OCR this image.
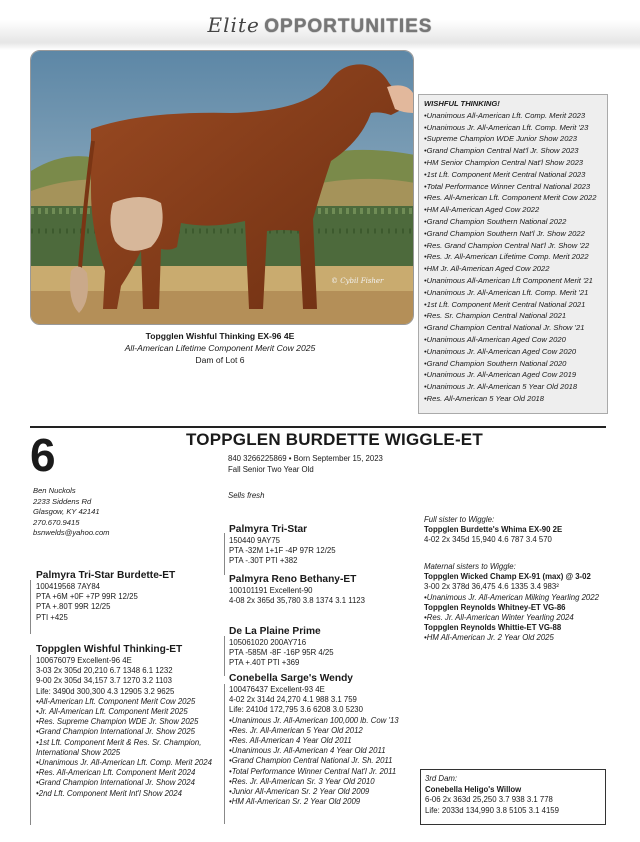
Elite OPPORTUNITIES
© Cybil Fisher
Topgglen Wishful Thinking EX-96 4E
All-American Lifetime Component Merit Cow 2025
Dam of Lot 6
WISHFUL THINKING!
•Unanimous All-American Lft. Comp. Merit 2023
•Unanimous Jr. All-American Lft. Comp. Merit '23
•Supreme Champion WDE Junior Show 2023
•Grand Champion Central Nat'l Jr. Show 2023
•HM Senior Champion Central Nat'l Show 2023
•1st Lft. Component Merit Central National 2023
•Total Performance Winner Central National 2023
•Res. All-American Lft. Component Merit Cow 2022
•HM All-American Aged Cow 2022
•Grand Champion Southern National 2022
•Grand Champion Southern Nat'l Jr. Show 2022
•Res. Grand Champion Central Nat'l Jr. Show '22
•Res. Jr. All-American Lifetime Comp. Merit 2022
•HM Jr. All-American Aged Cow 2022
•Unanimous All-American Lft Component Merit '21
•Unanimous Jr. All-American Lft. Comp. Merit '21
•1st Lft. Component Merit Central National 2021
•Res. Sr. Champion Central National 2021
•Grand Champion Central National Jr. Show '21
•Unanimous All-American Aged Cow 2020
•Unanimous Jr. All-American Aged Cow 2020
•Grand Champion Southern National 2020
•Unanimous Jr. All-American Aged Cow 2019
•Unanimous Jr. All-American 5 Year Old 2018
•Res. All-American 5 Year Old 2018
6	TOPPGLEN BURDETTE WIGGLE-ET
840 3266225869 • Born September 15, 2023
Fall Senior Two Year Old
Sells fresh
Ben Nuckols
2233 Siddens Rd
Glasgow, KY 42141
270.670.9415
bsnwelds@yahoo.com
Palmyra Tri-Star Burdette-ET
100419568 7AY84
PTA +6M +0F +7P 99R 12/25
PTA +.80T 99R 12/25
PTI +425
Toppglen Wishful Thinking-ET
100676079 Excellent-96 4E
3-03 2x 305d 20,210 6.7 1348 6.1 1232
9-00 2x 305d 34,157 3.7 1270 3.2 1103
Life: 3490d 300,300 4.3 12905 3.2 9625
•All-American Lft. Component Merit Cow 2025
•Jr. All-American Lft. Component Merit 2025
•Res. Supreme Champion WDE Jr. Show 2025
•Grand Champion International Jr. Show 2025
•1st Lft. Component Merit & Res. Sr. Champion,
International Show 2025
•Unanimous Jr. All-American Lft. Comp. Merit 2024
•Res. All-American Lft. Component Merit 2024
•Grand Champion International Jr. Show 2024
•2nd Lft. Component Merit Int'l Show 2024
Palmyra Tri-Star
150440 9AY75
PTA -32M 1+1F -4P 97R 12/25
PTA -.30T PTI +382
Palmyra Reno Bethany-ET
100101191 Excellent-90
4-08 2x 365d 35,780 3.8 1374 3.1 1123
De La Plaine Prime
105061020 200AY716
PTA -585M -8F -16P 95R 4/25
PTA +.40T PTI +369
Conebella Sarge's Wendy
100476437 Excellent-93 4E
4-02 2x 314d 24,270 4.1 988 3.1 759
Life: 2410d 172,795 3.6 6208 3.0 5230
•Unanimous Jr. All-American 100,000 lb. Cow '13
•Res. Jr. All-American 5 Year Old 2012
•Res. All-American 4 Year Old 2011
•Unanimous Jr. All-American 4 Year Old 2011
•Grand Champion Central National Jr. Sh. 2011
•Total Performance Winner Central Nat'l Jr. 2011
•Res. Jr. All-American Sr. 3 Year Old 2010
•Junior All-American Sr. 2 Year Old 2009
•HM All-American Sr. 2 Year Old 2009
Full sister to Wiggle:
Toppglen Burdette's Whima EX-90 2E
4-02 2x 345d 15,940 4.6 787 3.4 570
Maternal sisters to Wiggle:
Toppglen Wicked Champ EX-91 (max) @ 3-02
3-00 2x 378d 36,475 4.6 1335 3.4 983²
•Unanimous Jr. All-American Milking Yearling 2022
Toppglen Reynolds Whitney-ET VG-86
•Res. Jr. All-American Winter Yearling 2024
Toppglen Reynolds Whittie-ET VG-88
•HM All-American Jr. 2 Year Old 2025
3rd Dam:
Conebella Heligo's Willow
6-06 2x 363d 25,250 3.7 938 3.1 778
Life: 2033d 134,990 3.8 5105 3.1 4159
